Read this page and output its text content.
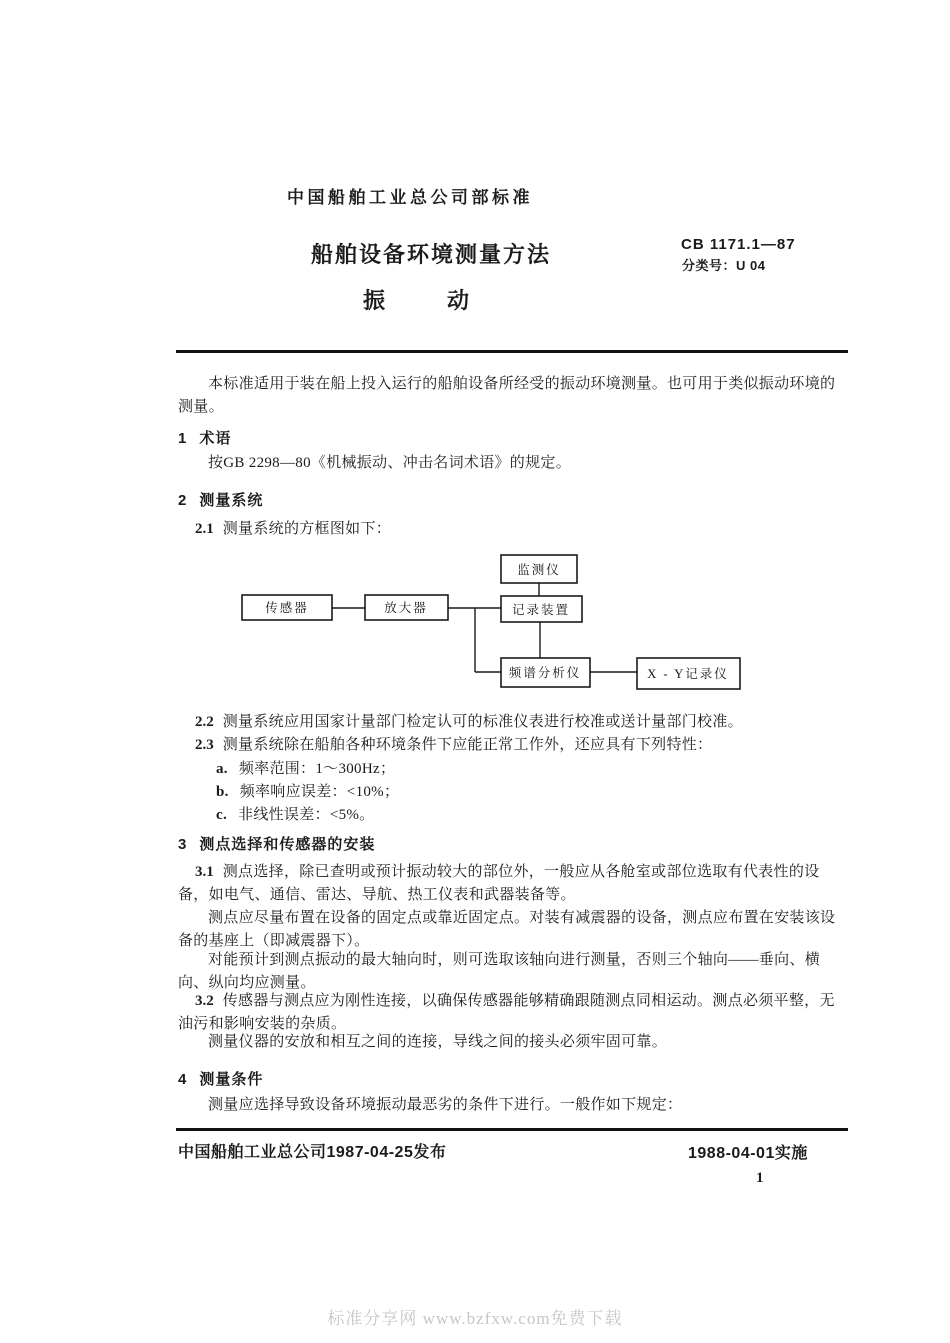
中国船舶工业总公司部标准
船舶设备环境测量方法	CB 1171.1—87
分类号：U 04
振	动

本标准适用于装在船上投入运行的船舶设备所经受的振动环境测量。也可用于类似振动环境的测量。

1 术语

按GB 2298—80《机械振动、冲击名词术语》的规定。

2 测量系统

2.1 测量系统的方框图如下：

监测仪
传感器	放大器	记录装置
频谱分析仪	X - Y记录仪

2.2 测量系统应用国家计量部门检定认可的标准仪表进行校准或送计量部门校准。

2.3 测量系统除在船舶各种环境条件下应能正常工作外，还应具有下列特性：

a. 频率范围：1～300Hz；
b. 频率响应误差：<10%；
c. 非线性误差：<5%。
3 测点选择和传感器的安装

3.1 测点选择，除已查明或预计振动较大的部位外，一般应从各舱室或部位选取有代表性的设备，如电气、通信、雷达、导航、热工仪表和武器装备等。

测点应尽量布置在设备的固定点或靠近固定点。对装有减震器的设备，测点应布置在安装该设备的基座上（即减震器下）。

对能预计到测点振动的最大轴向时，则可选取该轴向进行测量，否则三个轴向——垂向、横向、纵向均应测量。

3.2 传感器与测点应为刚性连接，以确保传感器能够精确跟随测点同相运动。测点必须平整，无油污和影响安装的杂质。

测量仪器的安放和相互之间的连接，导线之间的接头必须牢固可靠。

4 测量条件

测量应选择导致设备环境振动最恶劣的条件下进行。一般作如下规定：

中国船舶工业总公司1987-04-25发布	1988-04-01实施
1
标准分享网 www.bzfxw.com免费下载
